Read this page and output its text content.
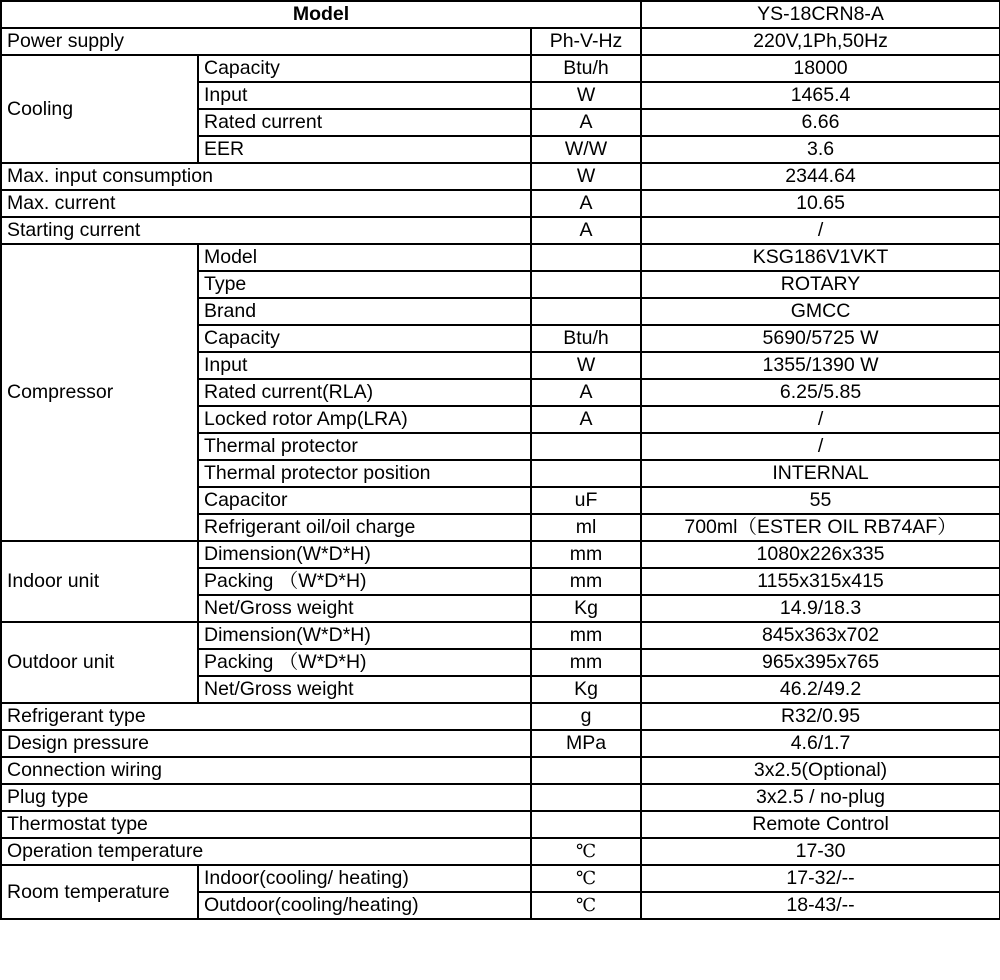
Model			YS-18CRN8-A
Power supply		Ph-V-Hz	220V,1Ph,50Hz
Cooling	Capacity	Btu/h	18000
	Input	W	1465.4
	Rated current	A	6.66
	EER	W/W	3.6
Max. input consumption		W	2344.64
Max. current		A	10.65
Starting current		A	/
Compressor	Model		KSG186V1VKT
	Type		ROTARY
	Brand		GMCC
	Capacity	Btu/h	5690/5725 W
	Input	W	1355/1390 W
	Rated current(RLA)	A	6.25/5.85
	Locked rotor Amp(LRA)	A	/
	Thermal protector		/
	Thermal protector position		INTERNAL
	Capacitor	uF	55
	Refrigerant oil/oil charge	ml	700ml（ESTER OIL RB74AF）
Indoor unit	Dimension(W*D*H)	mm	1080x226x335
	Packing （W*D*H)	mm	1155x315x415
	Net/Gross weight	Kg	14.9/18.3
Outdoor unit	Dimension(W*D*H)	mm	845x363x702
	Packing （W*D*H)	mm	965x395x765
	Net/Gross weight	Kg	46.2/49.2
Refrigerant type		g	R32/0.95
Design pressure		MPa	4.6/1.7
Connection wiring			3x2.5(Optional)
Plug type			3x2.5 / no-plug
Thermostat type			Remote Control
Operation temperature		℃	17-30
Room temperature	Indoor(cooling/ heating)	℃	17-32/--
	Outdoor(cooling/heating)	℃	18-43/--
